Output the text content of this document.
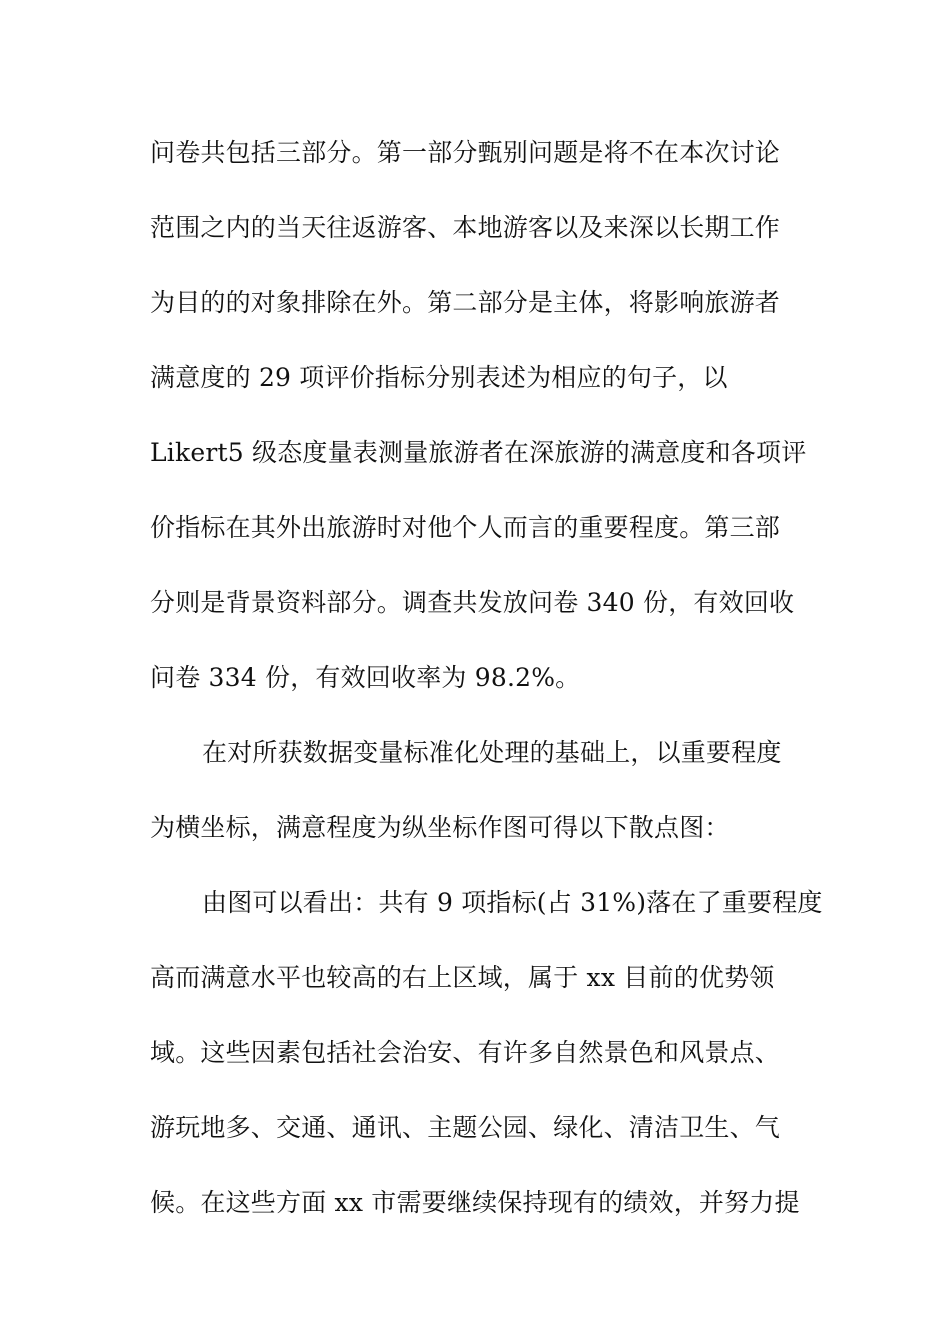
问卷共包括三部分。第一部分甄别问题是将不在本次讨论
范围之内的当天往返游客、本地游客以及来深以长期工作
为目的的对象排除在外。第二部分是主体，将影响旅游者
满意度的 29 项评价指标分别表述为相应的句子，以
Likert5 级态度量表测量旅游者在深旅游的满意度和各项评
价指标在其外出旅游时对他个人而言的重要程度。第三部
分则是背景资料部分。调查共发放问卷 340 份，有效回收
问卷 334 份，有效回收率为 98.2%。
在对所获数据变量标准化处理的基础上，以重要程度
为横坐标，满意程度为纵坐标作图可得以下散点图：
由图可以看出：共有 9 项指标(占 31%)落在了重要程度
高而满意水平也较高的右上区域，属于 xx 目前的优势领
域。这些因素包括社会治安、有许多自然景色和风景点、
游玩地多、交通、通讯、主题公园、绿化、清洁卫生、气
候。在这些方面 xx 市需要继续保持现有的绩效，并努力提
